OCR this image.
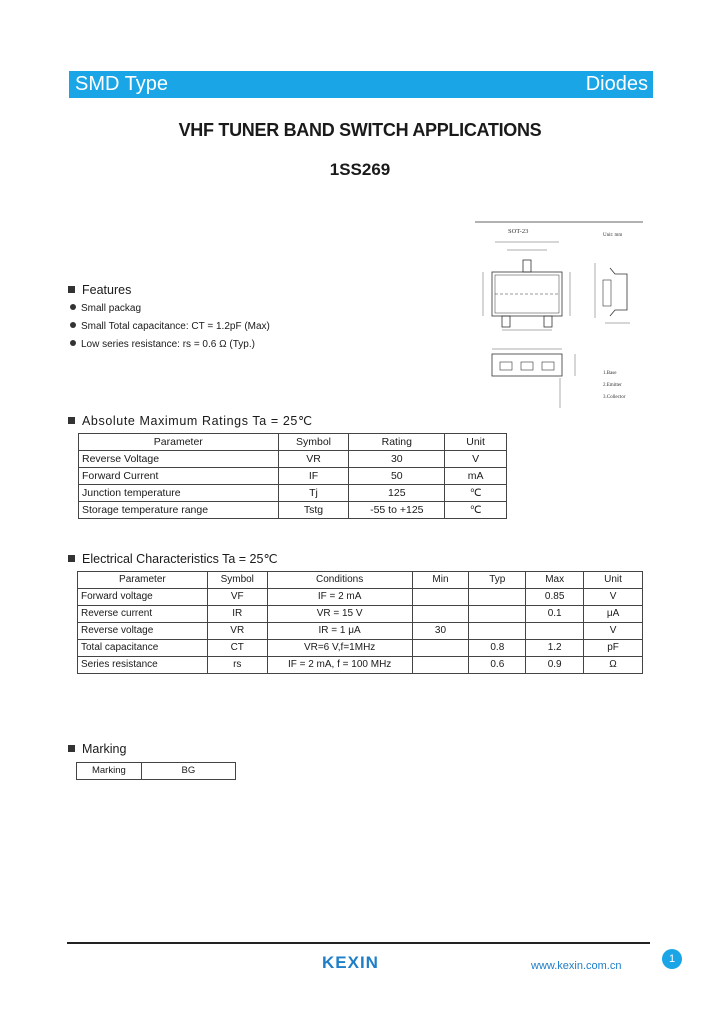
SMD Type	Diodes
VHF TUNER BAND SWITCH APPLICATIONS
1SS269
SOT-23
Unit: mm
1.Base
2.Emitter
3.Collector
Features
Small packag
Small Total capacitance: CT = 1.2pF (Max)
Low series resistance: rs = 0.6 Ω (Typ.)
Absolute Maximum Ratings Ta = 25℃
Parameter	Symbol	Rating	Unit
Reverse Voltage	VR	30	V
Forward Current	IF	50	mA
Junction temperature	Tj	125	℃
Storage temperature range	Tstg	-55 to +125	℃
Electrical Characteristics Ta = 25℃
Parameter	Symbol	Conditions	Min	Typ	Max	Unit
Forward voltage	VF	IF = 2 mA			0.85	V
Reverse current	IR	VR = 15 V			0.1	μA
Reverse voltage	VR	IR = 1 μA	30			V
Total capacitance	CT	VR=6 V,f=1MHz		0.8	1.2	pF
Series resistance	rs	IF = 2 mA, f = 100 MHz		0.6	0.9	Ω
Marking
Marking	BG
KEXIN	www.kexin.com.cn
1
